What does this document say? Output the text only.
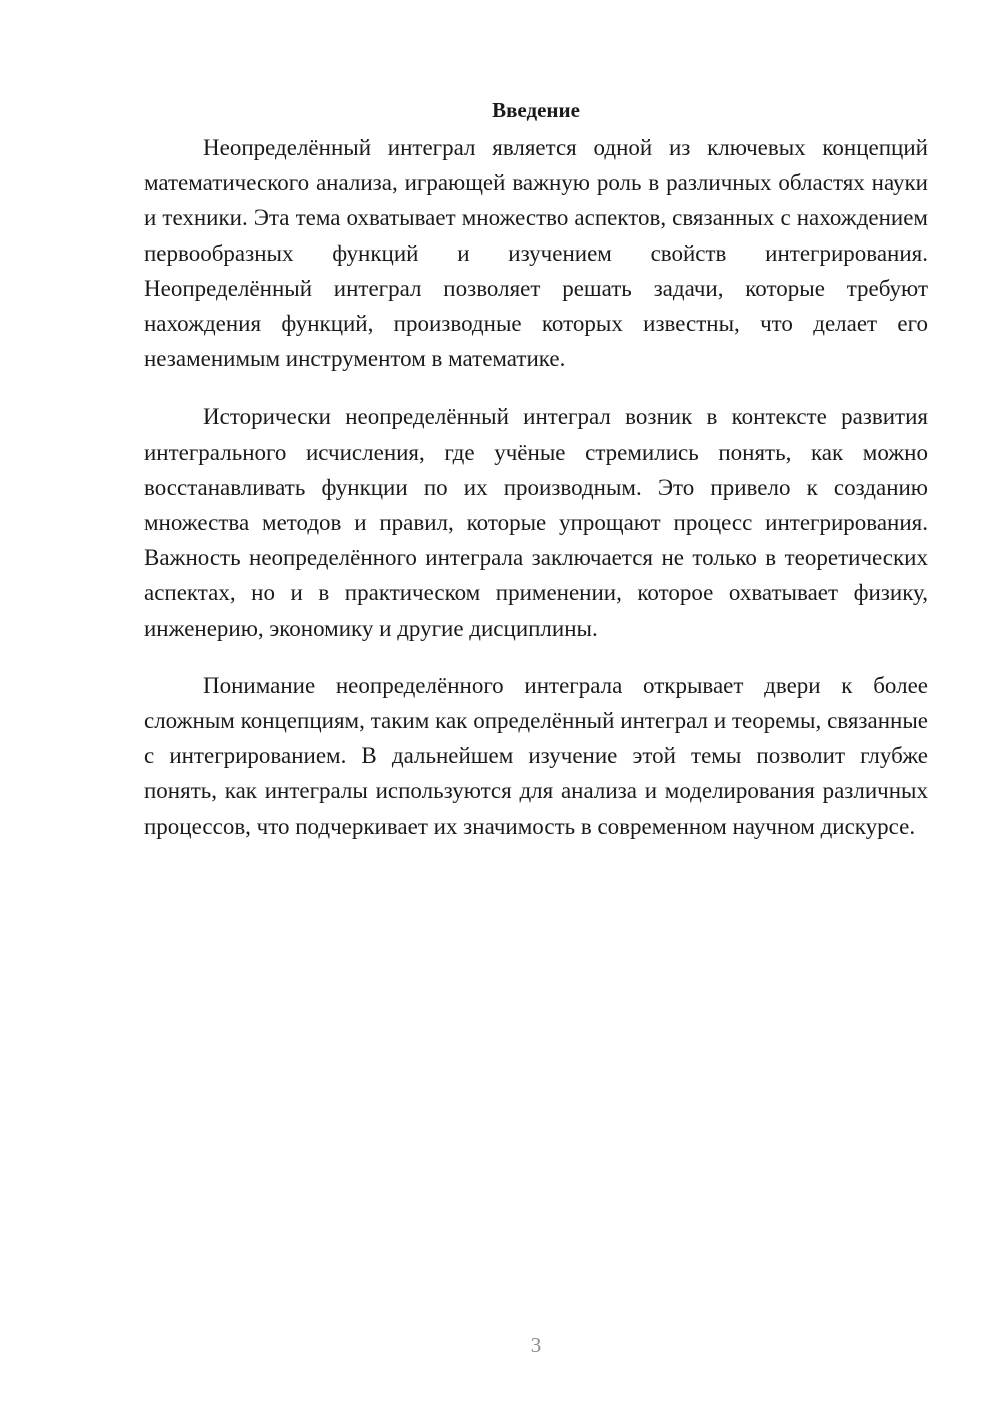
Введение

Неопределённый интеграл является одной из ключевых концепций математического анализа, играющей важную роль в различных областях науки и техники. Эта тема охватывает множество аспектов, связанных с нахождением первообразных функций и изучением свойств интегрирования. Неопределённый интеграл позволяет решать задачи, которые требуют нахождения функций, производные которых известны, что делает его незаменимым инструментом в математике.

Исторически неопределённый интеграл возник в контексте развития интегрального исчисления, где учёные стремились понять, как можно восстанавливать функции по их производным. Это привело к созданию множества методов и правил, которые упрощают процесс интегрирования. Важность неопределённого интеграла заключается не только в теоретических аспектах, но и в практическом применении, которое охватывает физику, инженерию, экономику и другие дисциплины.

Понимание неопределённого интеграла открывает двери к более сложным концепциям, таким как определённый интеграл и теоремы, связанные с интегрированием. В дальнейшем изучение этой темы позволит глубже понять, как интегралы используются для анализа и моделирования различных процессов, что подчеркивает их значимость в современном научном дискурсе.

3
